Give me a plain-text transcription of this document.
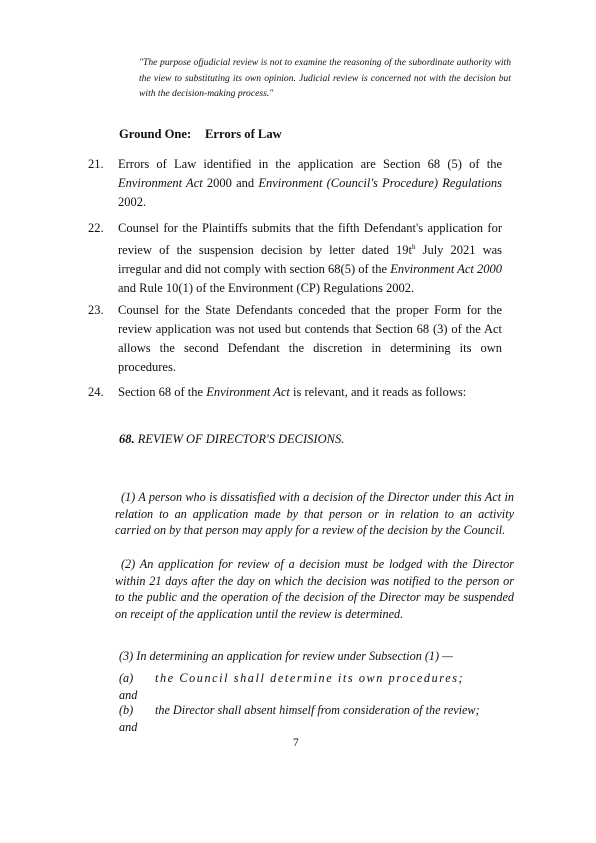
"The purpose ofjudicial review is not to examine the reasoning of the subordinate authority with the view to substituting its own opinion. Judicial review is concerned not with the decision but with the decision-making process."
Ground One: Errors of Law
21. Errors of Law identified in the application are Section 68 (5) of the Environment Act 2000 and Environment (Council's Procedure) Regulations 2002.
22. Counsel for the Plaintiffs submits that the fifth Defendant's application for review of the suspension decision by letter dated $19t^h$ July 2021 was irregular and did not comply with section 68(5) of the Environment Act 2000 and Rule 10(1) of the Environment (CP) Regulations 2002.
23. Counsel for the State Defendants conceded that the proper Form for the review application was not used but contends that Section 68 (3) of the Act allows the second Defendant the discretion in determining its own procedures.
24. Section 68 of the Environment Act is relevant, and it reads as follows:
68. REVIEW OF DIRECTOR'S DECISIONS.
(1) A person who is dissatisfied with a decision of the Director under this Act in relation to an application made by that person or in relation to an activity carried on by that person may apply for a review of the decision by the Council.
(2) An application for review of a decision must be lodged with the Director within 21 days after the day on which the decision was notified to the person or to the public and the operation of the decision of the Director may be suspended on receipt of the application until the review is determined.
(3) In determining an application for review under Subsection (1) —
(a) the Council shall determine its own procedures;
and
(b) the Director shall absent himself from consideration of the review;
and
7
